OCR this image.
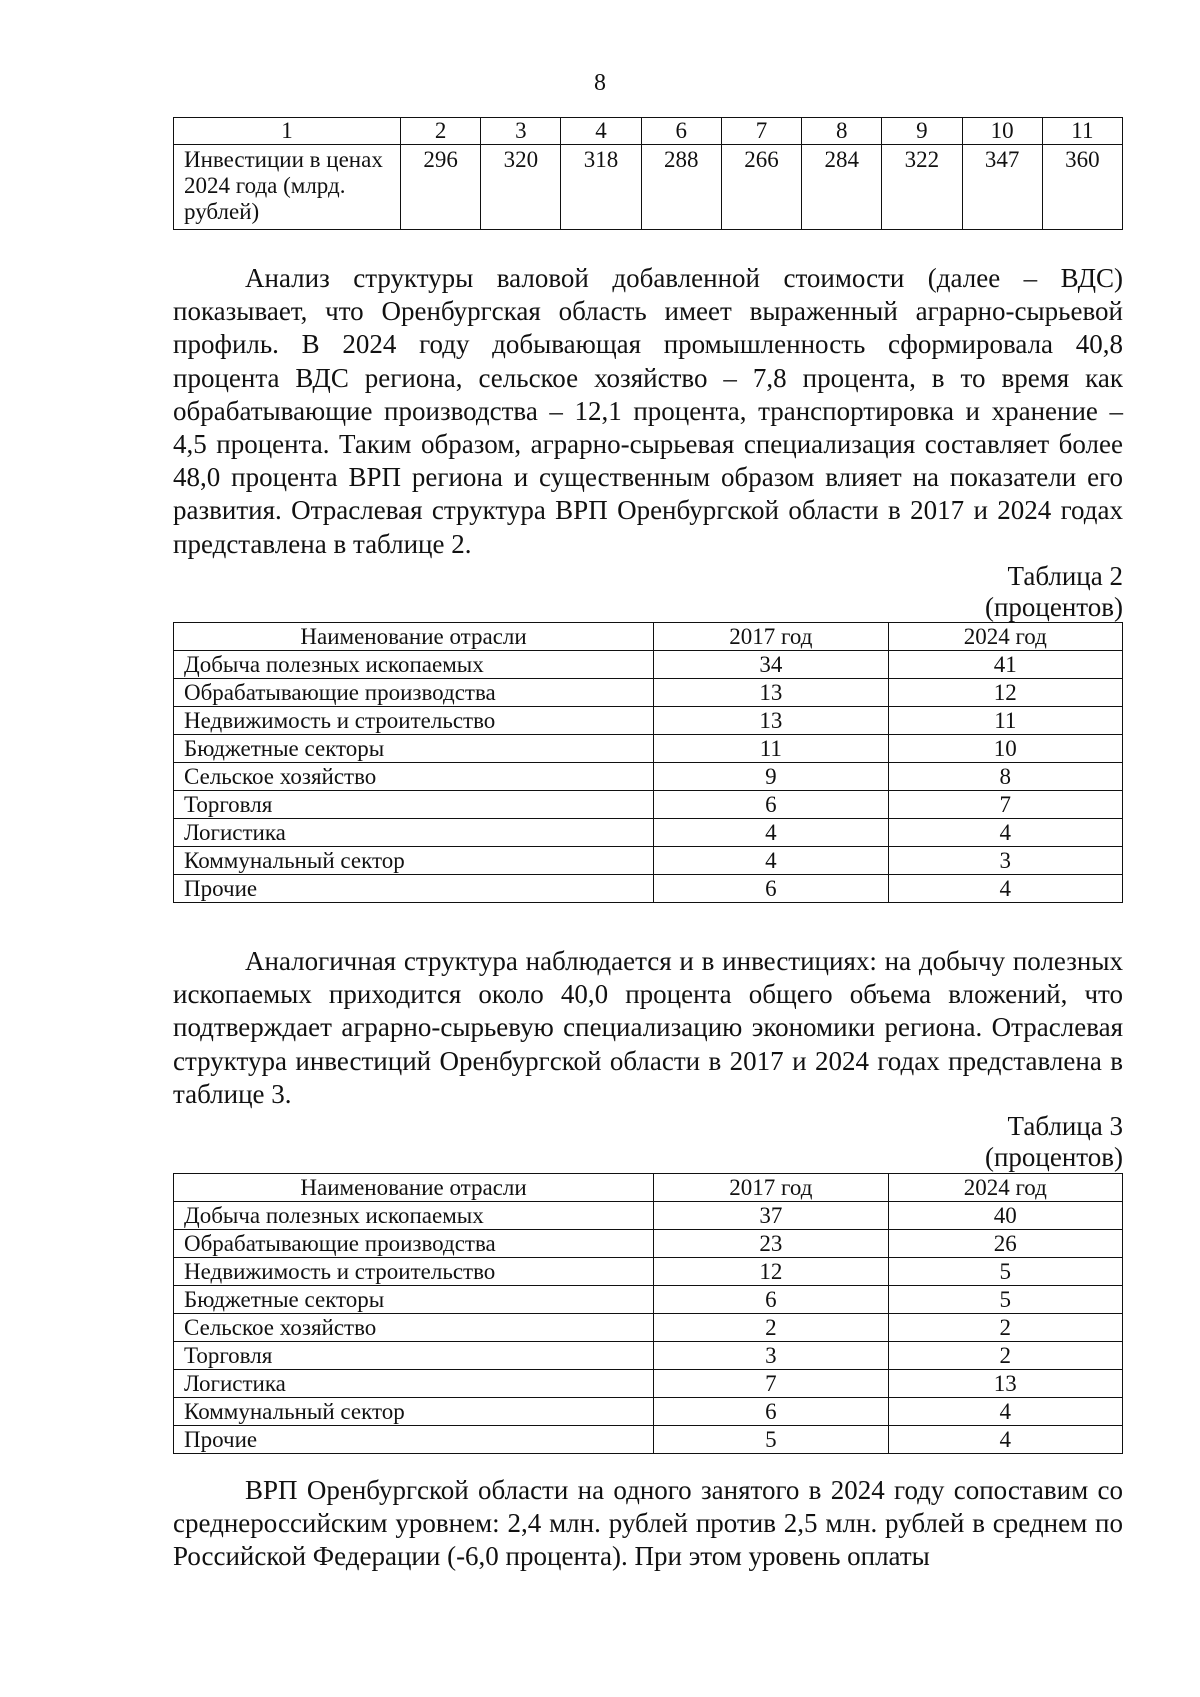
8
1	2	3	4	6	7	8	9	10	11
Инвестиции в ценах 2024 года (млрд. рублей)	296	320	318	288	266	284	322	347	360

Анализ структуры валовой добавленной стоимости (далее – ВДС) показывает, что Оренбургская область имеет выраженный аграрно-сырьевой профиль. В 2024 году добывающая промышленность сформировала 40,8 процента ВДС региона, сельское хозяйство – 7,8 процента, в то время как обрабатывающие производства – 12,1 процента, транспортировка и хранение – 4,5 процента. Таким образом, аграрно-сырьевая специализация составляет более 48,0 процента ВРП региона и существенным образом влияет на показатели его развития. Отраслевая структура ВРП Оренбургской области в 2017 и 2024 годах представлена в таблице 2.

Таблица 2
(процентов)
Наименование отрасли	2017 год	2024 год
Добыча полезных ископаемых	34	41
Обрабатывающие производства	13	12
Недвижимость и строительство	13	11
Бюджетные секторы	11	10
Сельское хозяйство	9	8
Торговля	6	7
Логистика	4	4
Коммунальный сектор	4	3
Прочие	6	4

Аналогичная структура наблюдается и в инвестициях: на добычу полезных ископаемых приходится около 40,0 процента общего объема вложений, что подтверждает аграрно-сырьевую специализацию экономики региона. Отраслевая структура инвестиций Оренбургской области в 2017 и 2024 годах представлена в таблице 3.

Таблица 3
(процентов)
Наименование отрасли	2017 год	2024 год
Добыча полезных ископаемых	37	40
Обрабатывающие производства	23	26
Недвижимость и строительство	12	5
Бюджетные секторы	6	5
Сельское хозяйство	2	2
Торговля	3	2
Логистика	7	13
Коммунальный сектор	6	4
Прочие	5	4

ВРП Оренбургской области на одного занятого в 2024 году сопоставим со среднероссийским уровнем: 2,4 млн. рублей против 2,5 млн. рублей в среднем по Российской Федерации (-6,0 процента). При этом уровень оплаты
